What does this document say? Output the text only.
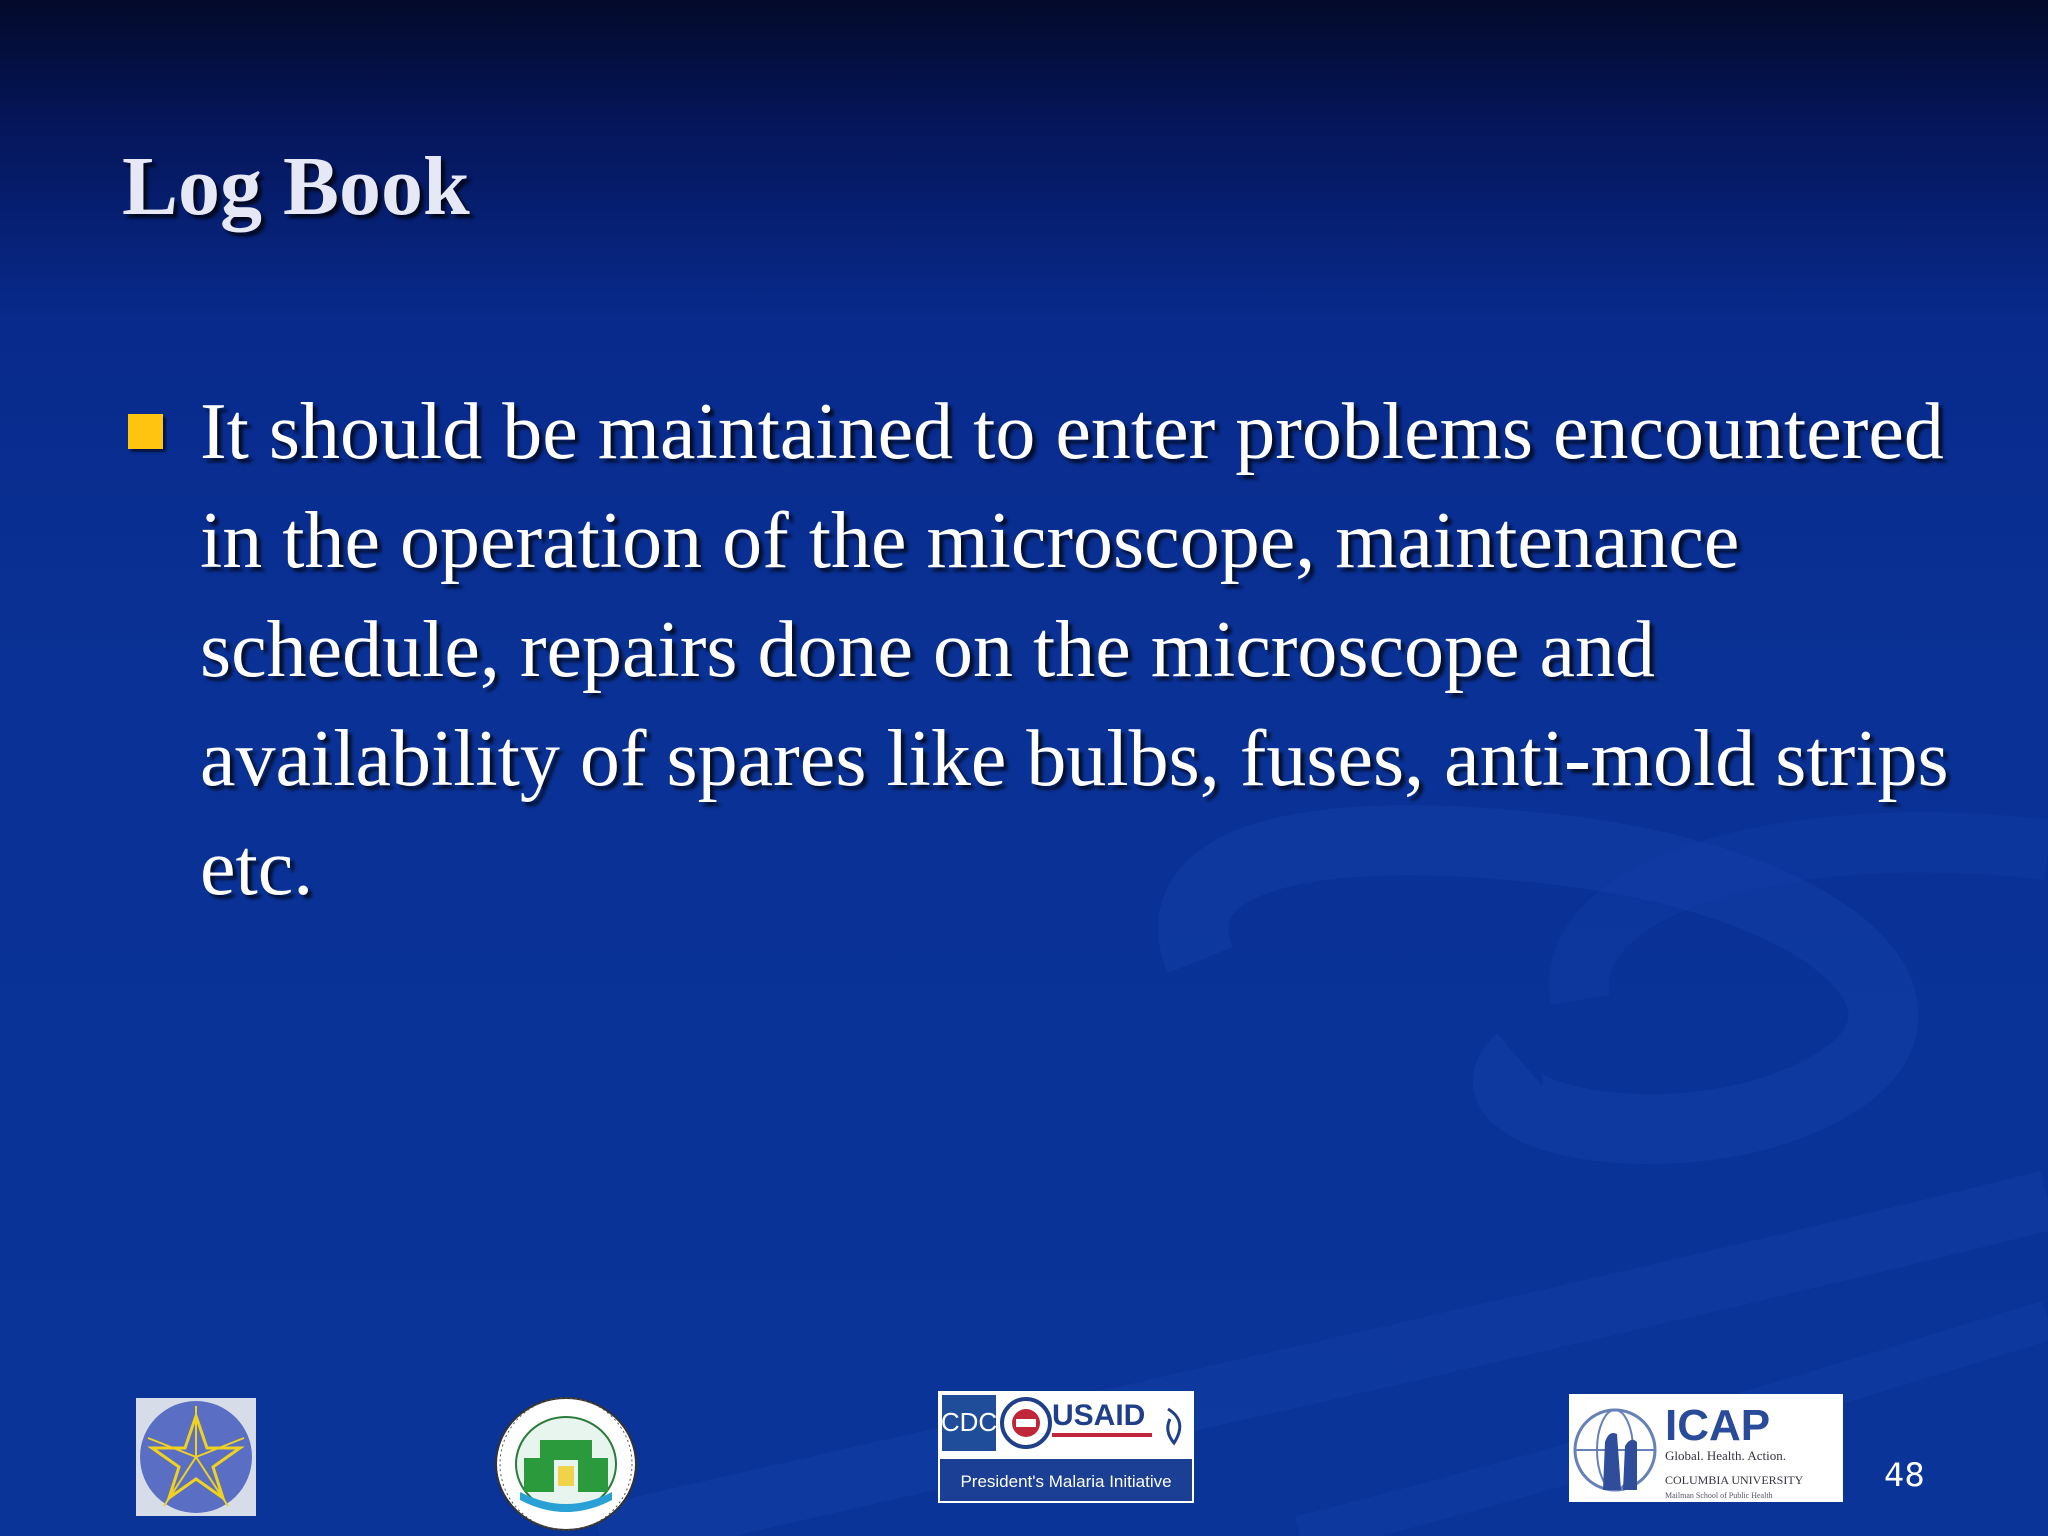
Log Book

It should be maintained to enter problems encountered in the operation of the microscope, maintenance schedule, repairs done on the microscope and availability of spares like bulbs, fuses, anti-mold strips etc.

CDC USAID
President's Malaria Initiative
ICAP
Global. Health. Action.
COLUMBIA UNIVERSITY
Mailman School of Public Health
48
